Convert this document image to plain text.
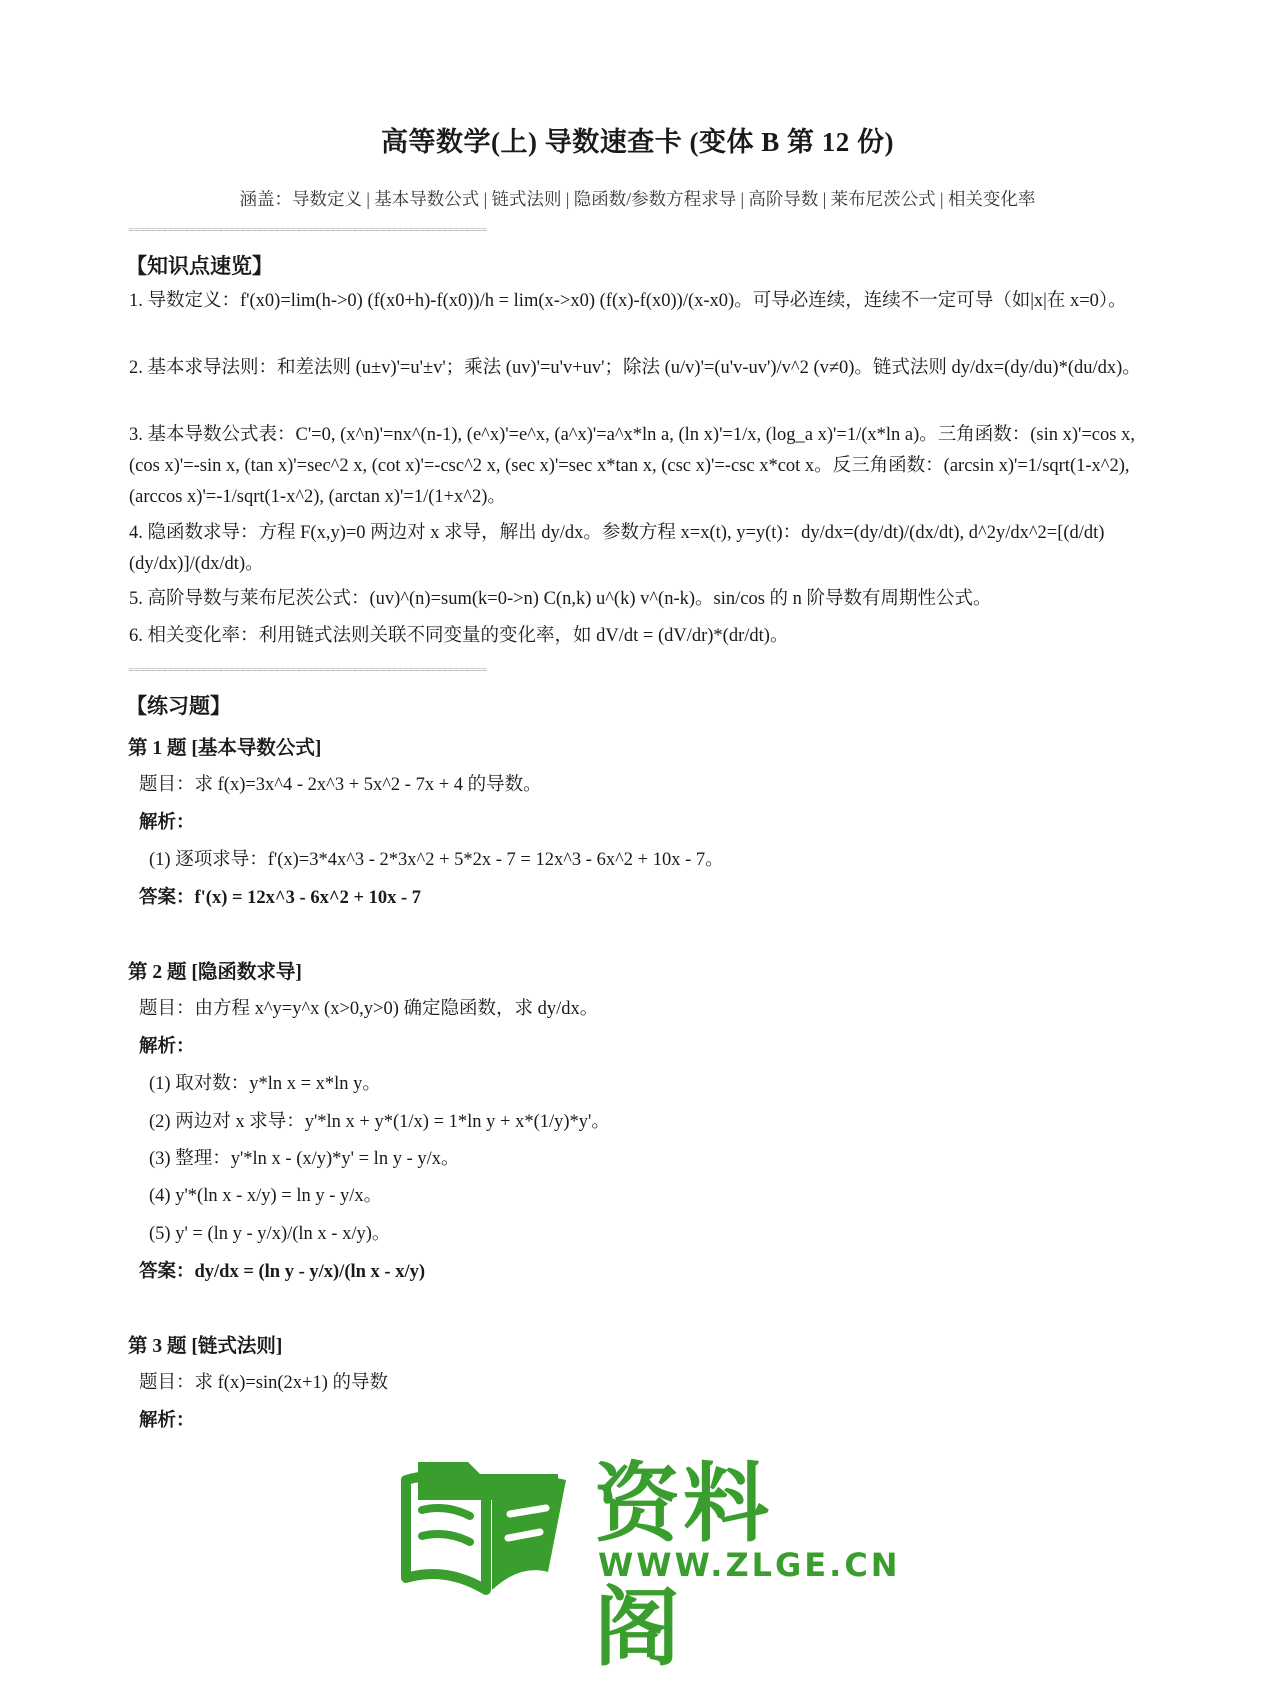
高等数学(上) 导数速查卡 (变体 B 第 12 份)
涵盖：导数定义 | 基本导数公式 | 链式法则 | 隐函数/参数方程求导 | 高阶导数 | 莱布尼茨公式 | 相关变化率
================================================================
【知识点速览】
1. 导数定义：f'(x0)=lim(h->0) (f(x0+h)-f(x0))/h = lim(x->x0) (f(x)-f(x0))/(x-x0)。可导必连续，连续不一定可导（如|x|在 x=0）。
2. 基本求导法则：和差法则 (u±v)'=u'±v'；乘法 (uv)'=u'v+uv'；除法 (u/v)'=(u'v-uv')/v^2 (v≠0)。链式法则 dy/dx=(dy/du)*(du/dx)。
3. 基本导数公式表：C'=0, (x^n)'=nx^(n-1), (e^x)'=e^x, (a^x)'=a^x*ln a, (ln x)'=1/x, (log_a x)'=1/(x*ln a)。三角函数：(sin x)'=cos x, (cos x)'=-sin x, (tan x)'=sec^2 x, (cot x)'=-csc^2 x, (sec x)'=sec x*tan x, (csc x)'=-csc x*cot x。反三角函数：(arcsin x)'=1/sqrt(1-x^2), (arccos x)'=-1/sqrt(1-x^2), (arctan x)'=1/(1+x^2)。
4. 隐函数求导：方程 F(x,y)=0 两边对 x 求导，解出 dy/dx。参数方程 x=x(t), y=y(t)：dy/dx=(dy/dt)/(dx/dt), d^2y/dx^2=[(d/dt)(dy/dx)]/(dx/dt)。
5. 高阶导数与莱布尼茨公式：(uv)^(n)=sum(k=0->n) C(n,k) u^(k) v^(n-k)。sin/cos 的 n 阶导数有周期性公式。
6. 相关变化率：利用链式法则关联不同变量的变化率，如 dV/dt = (dV/dr)*(dr/dt)。
================================================================
【练习题】
第 1 题 [基本导数公式]
题目：求 f(x)=3x^4 - 2x^3 + 5x^2 - 7x + 4 的导数。
解析：
(1) 逐项求导：f'(x)=3*4x^3 - 2*3x^2 + 5*2x - 7 = 12x^3 - 6x^2 + 10x - 7。
答案：f'(x) = 12x^3 - 6x^2 + 10x - 7
第 2 题 [隐函数求导]
题目：由方程 x^y=y^x (x>0,y>0) 确定隐函数，求 dy/dx。
解析：
(1) 取对数：y*ln x = x*ln y。
(2) 两边对 x 求导：y'*ln x + y*(1/x) = 1*ln y + x*(1/y)*y'。
(3) 整理：y'*ln x - (x/y)*y' = ln y - y/x。
(4) y'*(ln x - x/y) = ln y - y/x。
(5) y' = (ln y - y/x)/(ln x - x/y)。
答案：dy/dx = (ln y - y/x)/(ln x - x/y)
第 3 题 [链式法则]
题目：求 f(x)=sin(2x+1) 的导数
解析：
资料阁
WWW.ZLGE.CN
